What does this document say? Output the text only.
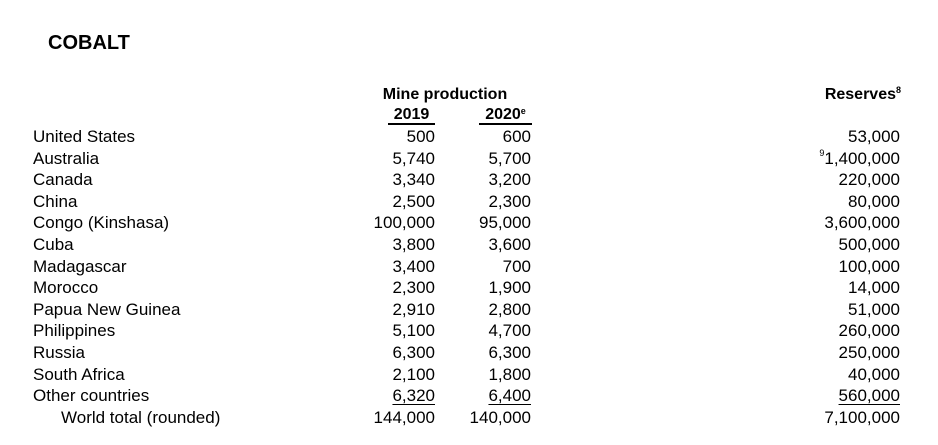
COBALT
Mine production
2019	2020e
Reserves$^8$
United States	500	600	53,000
Australia	5,740	5,700	$^9$1,400,000
Canada	3,340	3,200	220,000
China	2,500	2,300	80,000
Congo (Kinshasa)	100,000	95,000	3,600,000
Cuba	3,800	3,600	500,000
Madagascar	3,400	700	100,000
Morocco	2,300	1,900	14,000
Papua New Guinea	2,910	2,800	51,000
Philippines	5,100	4,700	260,000
Russia	6,300	6,300	250,000
South Africa	2,100	1,800	40,000
Other countries	6,320	6,400	560,000
World total (rounded)	144,000 140,000	7,100,000
